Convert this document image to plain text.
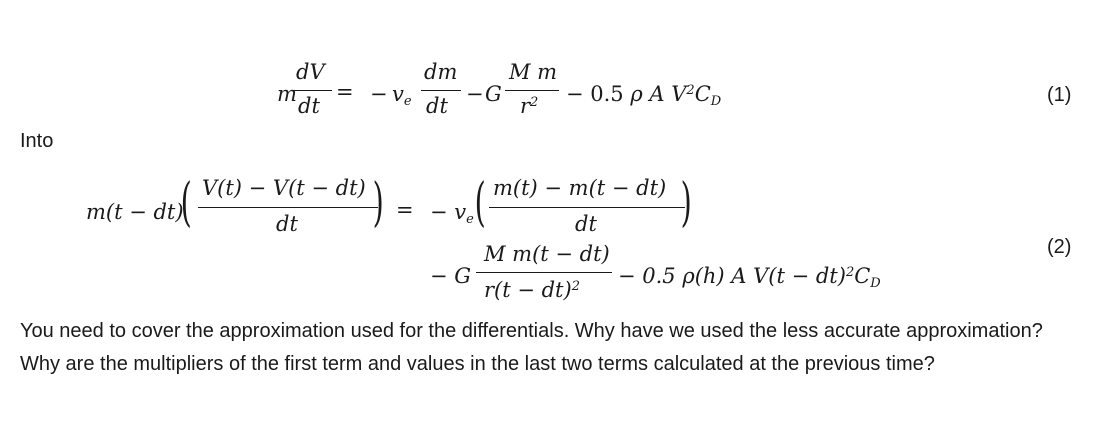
m
dV
dt
= − $v_e$
dm
dt − G
M m
$r^2 - 0.5$ ρ A $V^2C_D$	(1)
Into
m(t − dt)
( V(t) − V(t − dt)
dt ) = − $v_e$ ( m(t) − m(t − dt)
dt )
− G
M m(t − dt)
r(t − dt)$^2$ − 0.5 ρ(h) A $V(t - dt)^2C_D$
(2)

You need to cover the approximation used for the differentials. Why have we used the less accurate approximation? Why are the multipliers of the first term and values in the last two terms calculated at the previous time?
